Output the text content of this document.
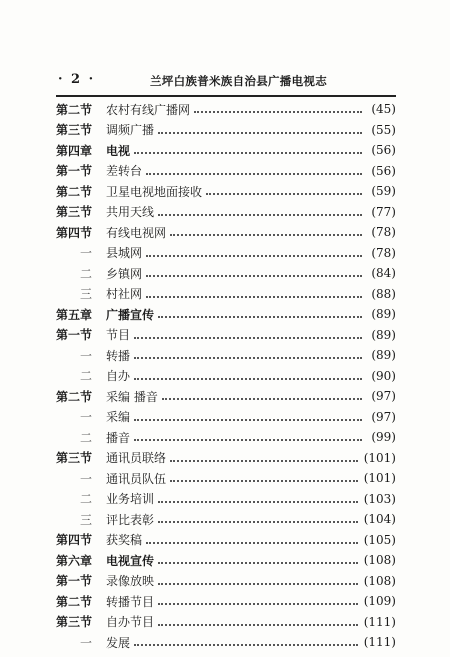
· 2 ·	兰坪白族普米族自治县广播电视志
第二节	农村有线广播网	(45)
第三节	调频广播	(55)
第四章	电视	(56)
第一节	差转台	(56)
第二节	卫星电视地面接收	(59)
第三节	共用天线	(77)
第四节	有线电视网	(78)
一	县城网	(78)
二	乡镇网	(84)
三	村社网	(88)
第五章	广播宣传	(89)
第一节	节目	(89)
一	转播	(89)
二	自办	(90)
第二节	采编 播音	(97)
一	采编	(97)
二	播音	(99)
第三节	通讯员联络	(101)
一	通讯员队伍	(101)
二	业务培训	(103)
三	评比表彰	(104)
第四节	获奖稿	(105)
第六章	电视宣传	(108)
第一节	录像放映	(108)
第二节	转播节目	(109)
第三节	自办节目	(111)
一	发展	(111)
